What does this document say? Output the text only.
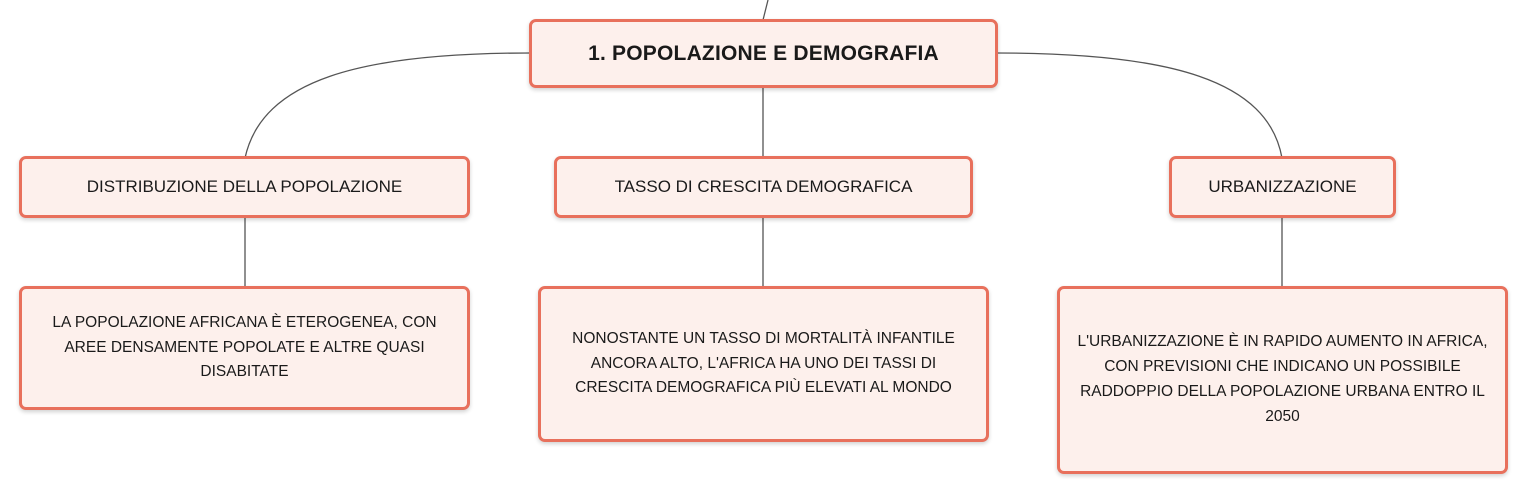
1. POPOLAZIONE E DEMOGRAFIA
DISTRIBUZIONE DELLA POPOLAZIONE	TASSO DI CRESCITA DEMOGRAFICA	URBANIZZAZIONE
LA POPOLAZIONE AFRICANA È ETEROGENEA, CON AREE DENSAMENTE POPOLATE E ALTRE QUASI DISABITATE
NONOSTANTE UN TASSO DI MORTALITÀ INFANTILE ANCORA ALTO, L'AFRICA HA UNO DEI TASSI DI CRESCITA DEMOGRAFICA PIÙ ELEVATI AL MONDO
L'URBANIZZAZIONE È IN RAPIDO AUMENTO IN AFRICA, CON PREVISIONI CHE INDICANO UN POSSIBILE RADDOPPIO DELLA POPOLAZIONE URBANA ENTRO IL 2050
